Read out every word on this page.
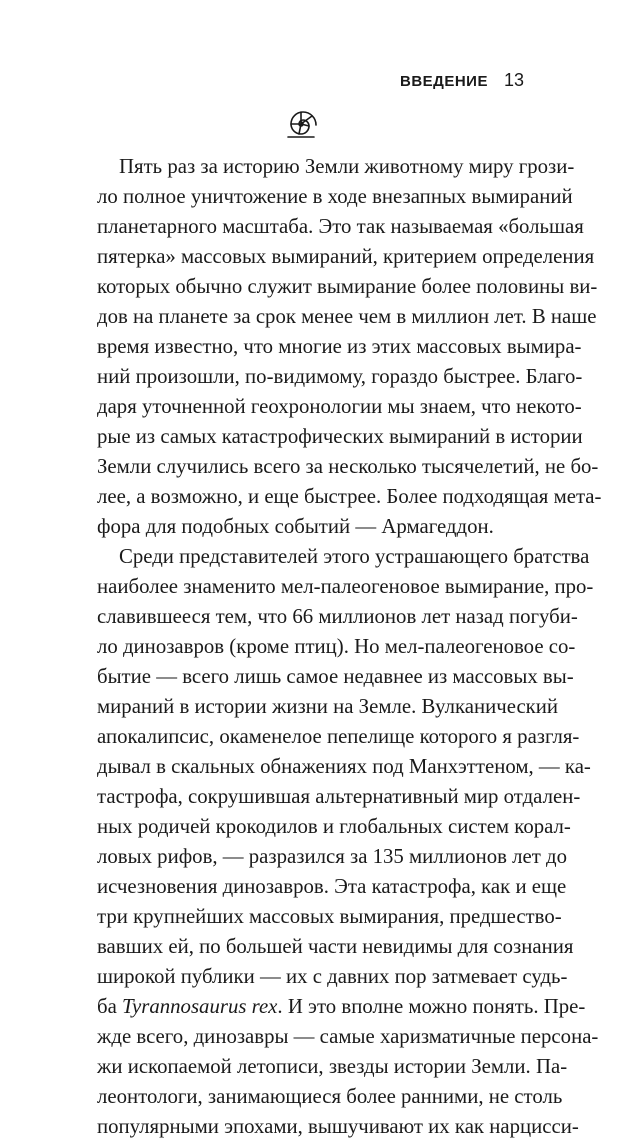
ВВЕДЕНИЕ 13
Пять раз за историю Земли животному миру грози-
ло полное уничтожение в ходе внезапных вымираний
планетарного масштаба. Это так называемая «большая
пятерка» массовых вымираний, критерием определения
которых обычно служит вымирание более половины ви-
дов на планете за срок менее чем в миллион лет. В наше
время известно, что многие из этих массовых вымира-
ний произошли, по-видимому, гораздо быстрее. Благо-
даря уточненной геохронологии мы знаем, что некото-
рые из самых катастрофических вымираний в истории
Земли случились всего за несколько тысячелетий, не бо-
лее, а возможно, и еще быстрее. Более подходящая мета-
фора для подобных событий — Армагеддон.
Среди представителей этого устрашающего братства
наиболее знаменито мел-палеогеновое вымирание, про-
славившееся тем, что 66 миллионов лет назад погуби-
ло динозавров (кроме птиц). Но мел-палеогеновое со-
бытие — всего лишь самое недавнее из массовых вы-
мираний в истории жизни на Земле. Вулканический
апокалипсис, окаменелое пепелище которого я разгля-
дывал в скальных обнажениях под Манхэттеном, — ка-
тастрофа, сокрушившая альтернативный мир отдален-
ных родичей крокодилов и глобальных систем корал-
ловых рифов, — разразился за 135 миллионов лет до
исчезновения динозавров. Эта катастрофа, как и еще
три крупнейших массовых вымирания, предшество-
вавших ей, по большей части невидимы для сознания
широкой публики — их с давних пор затмевает судь-
ба Tyrannosaurus rex. И это вполне можно понять. Пре-
жде всего, динозавры — самые харизматичные персона-
жи ископаемой летописи, звезды истории Земли. Па-
леонтологи, занимающиеся более ранними, не столь
популярными эпохами, вышучивают их как нарцисси-
